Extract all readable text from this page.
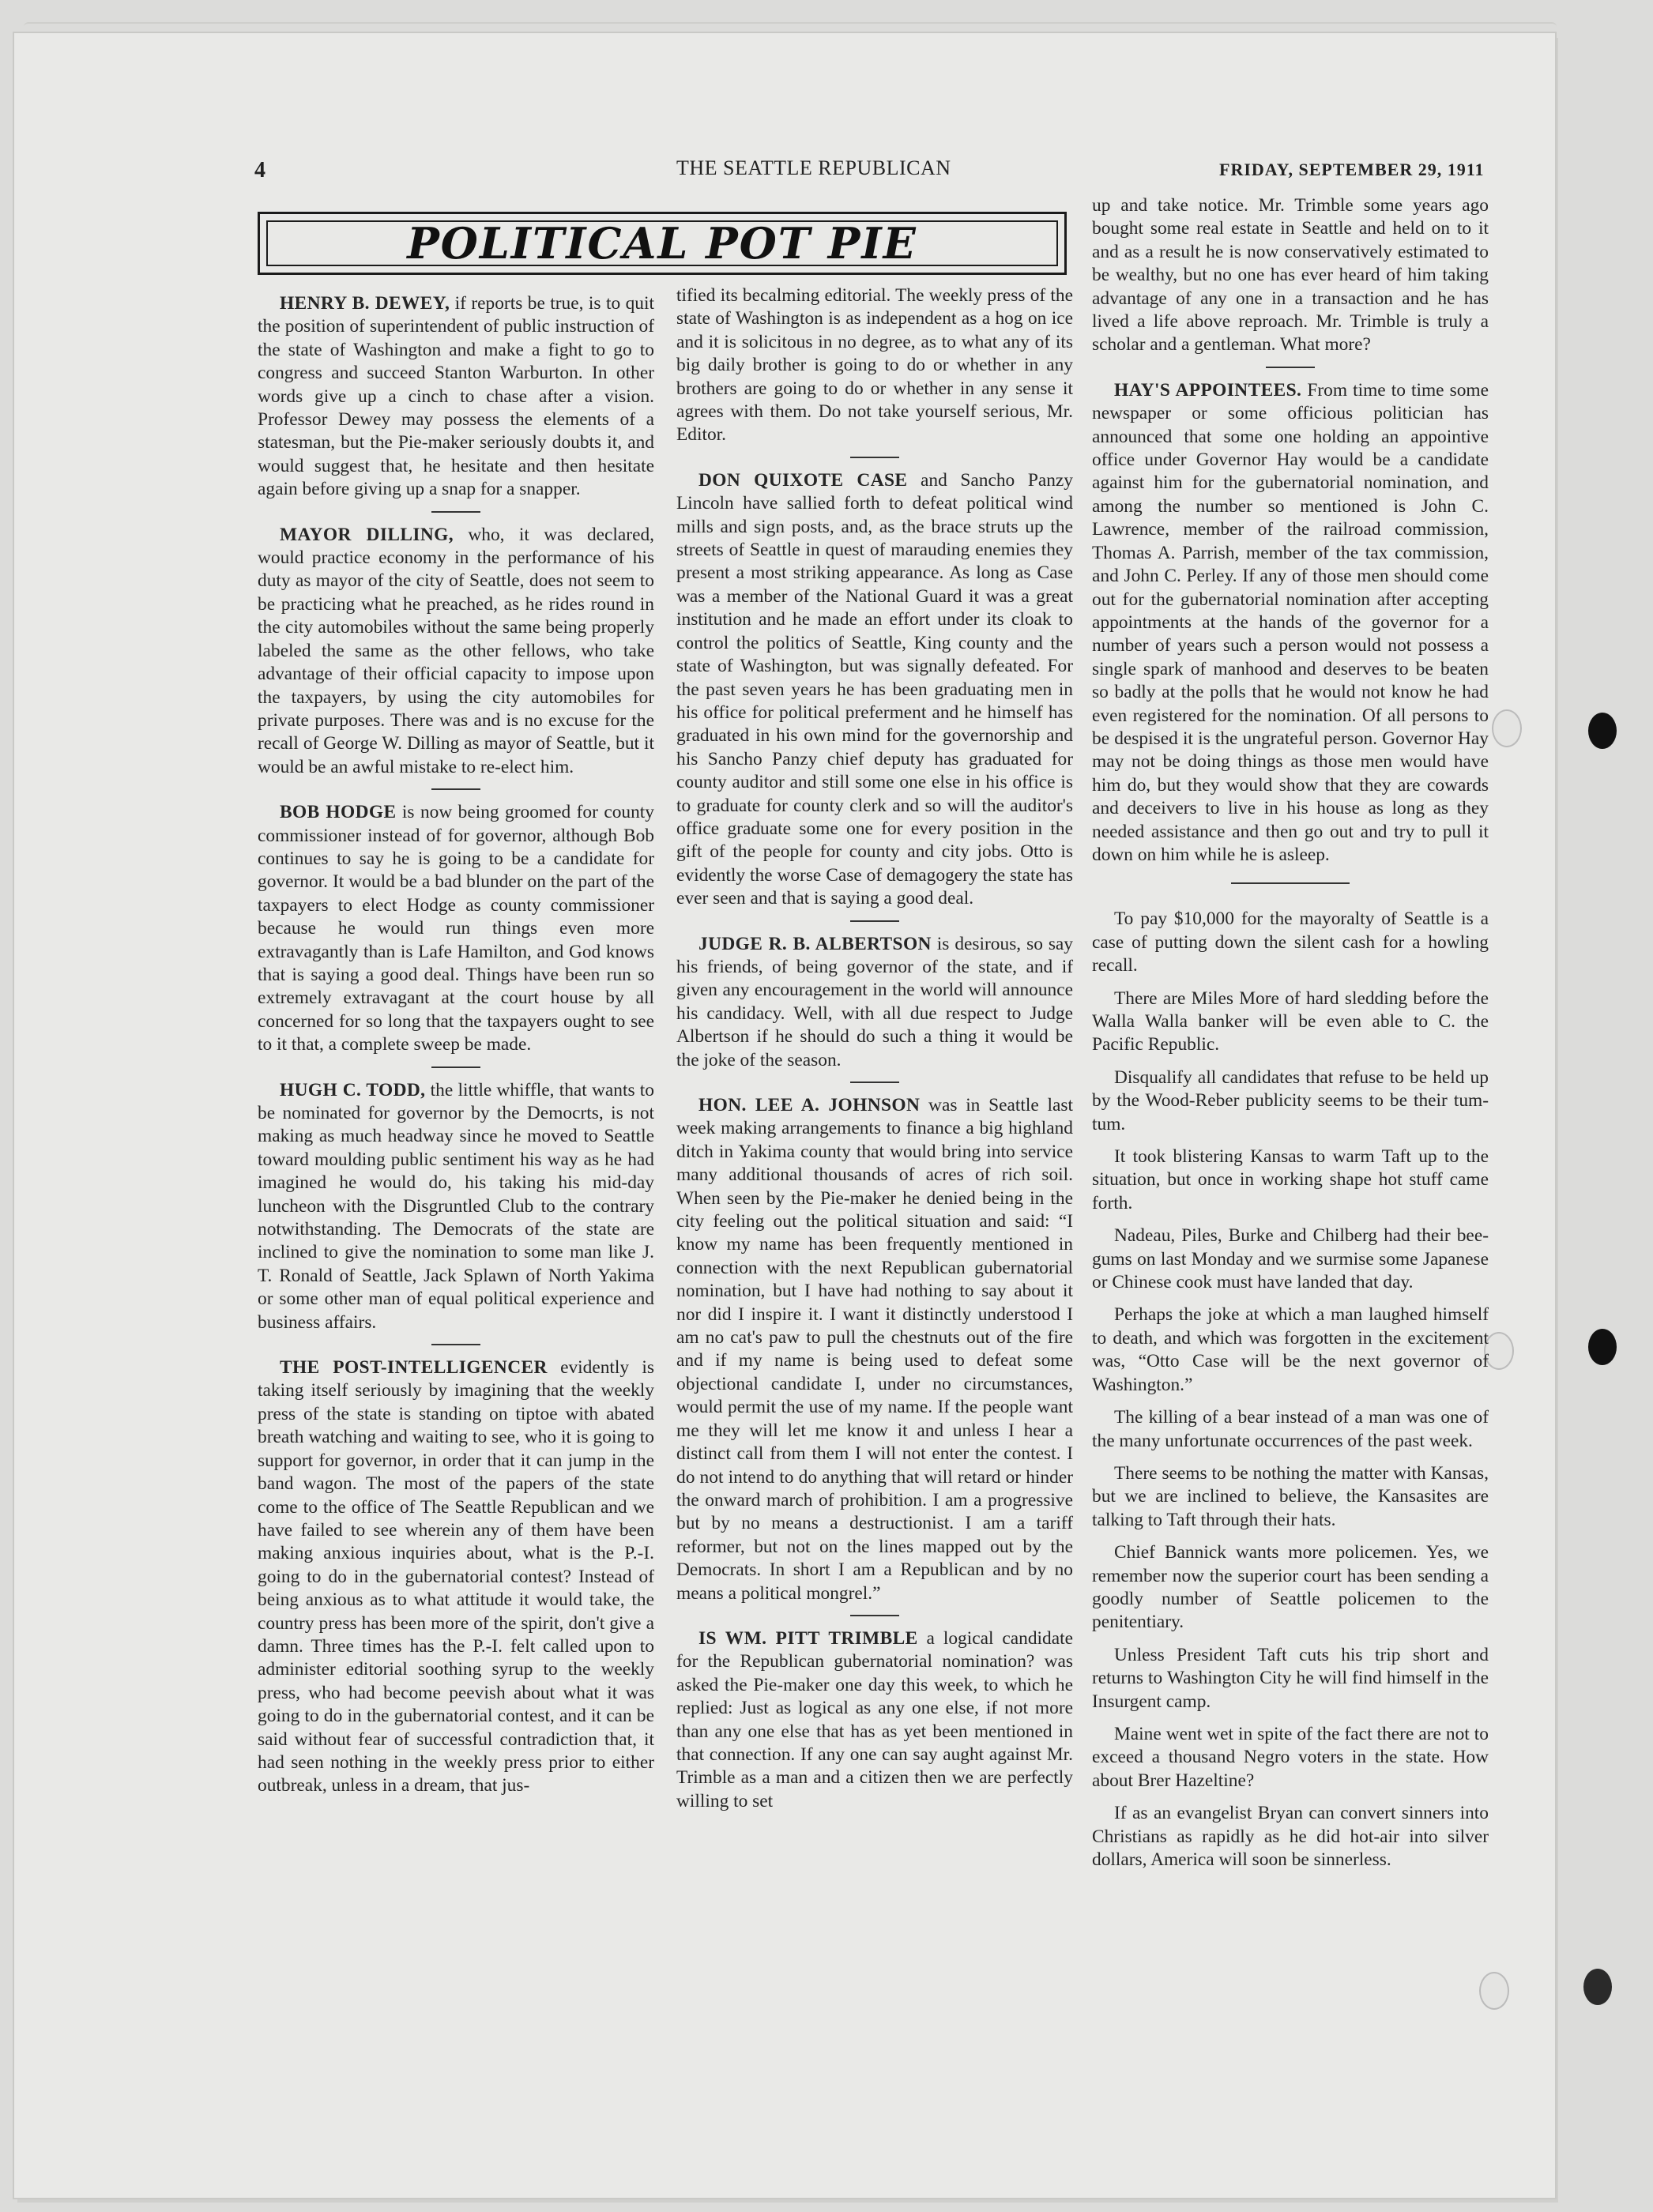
4	THE SEATTLE REPUBLICAN	FRIDAY, SEPTEMBER 29, 1911
POLITICAL POT PIE

HENRY B. DEWEY, if reports be true, is to quit the position of superintendent of public instruction of the state of Washington and make a fight to go to congress and succeed Stanton Warburton. In other words give up a cinch to chase after a vision. Professor Dewey may possess the elements of a statesman, but the Pie-maker seriously doubts it, and would suggest that, he hesitate and then hesitate again before giving up a snap for a snapper.

MAYOR DILLING, who, it was declared, would practice economy in the performance of his duty as mayor of the city of Seattle, does not seem to be practicing what he preached, as he rides round in the city automobiles without the same being properly labeled the same as the other fellows, who take advantage of their official capacity to impose upon the taxpayers, by using the city automobiles for private purposes. There was and is no excuse for the recall of George W. Dilling as mayor of Seattle, but it would be an awful mistake to re-elect him.

BOB HODGE is now being groomed for county commissioner instead of for governor, although Bob continues to say he is going to be a candidate for governor. It would be a bad blunder on the part of the taxpayers to elect Hodge as county commissioner because he would run things even more extravagantly than is Lafe Hamilton, and God knows that is saying a good deal. Things have been run so extremely extravagant at the court house by all concerned for so long that the taxpayers ought to see to it that, a complete sweep be made.

HUGH C. TODD, the little whiffle, that wants to be nominated for governor by the Democrts, is not making as much headway since he moved to Seattle toward moulding public sentiment his way as he had imagined he would do, his taking his mid-day luncheon with the Disgruntled Club to the contrary notwithstanding. The Democrats of the state are inclined to give the nomination to some man like J. T. Ronald of Seattle, Jack Splawn of North Yakima or some other man of equal political experience and business affairs.

THE POST-INTELLIGENCER evidently is taking itself seriously by imagining that the weekly press of the state is standing on tiptoe with abated breath watching and waiting to see, who it is going to support for governor, in order that it can jump in the band wagon. The most of the papers of the state come to the office of The Seattle Republican and we have failed to see wherein any of them have been making anxious inquiries about, what is the P.-I. going to do in the gubernatorial contest? Instead of being anxious as to what attitude it would take, the country press has been more of the spirit, don't give a damn. Three times has the P.-I. felt called upon to administer editorial soothing syrup to the weekly press, who had become peevish about what it was going to do in the gubernatorial contest, and it can be said without fear of successful contradiction that, it had seen nothing in the weekly press prior to either outbreak, unless in a dream, that jus-

tified its becalming editorial. The weekly press of the state of Washington is as independent as a hog on ice and it is solicitous in no degree, as to what any of its big daily brother is going to do or whether in any brothers are going to do or whether in any sense it agrees with them. Do not take yourself serious, Mr. Editor.

DON QUIXOTE CASE and Sancho Panzy Lincoln have sallied forth to defeat political wind mills and sign posts, and, as the brace struts up the streets of Seattle in quest of marauding enemies they present a most striking appearance. As long as Case was a member of the National Guard it was a great institution and he made an effort under its cloak to control the politics of Seattle, King county and the state of Washington, but was signally defeated. For the past seven years he has been graduating men in his office for political preferment and he himself has graduated in his own mind for the governorship and his Sancho Panzy chief deputy has graduated for county auditor and still some one else in his office is to graduate for county clerk and so will the auditor's office graduate some one for every position in the gift of the people for county and city jobs. Otto is evidently the worse Case of demagogery the state has ever seen and that is saying a good deal.

JUDGE R. B. ALBERTSON is desirous, so say his friends, of being governor of the state, and if given any encouragement in the world will announce his candidacy. Well, with all due respect to Judge Albertson if he should do such a thing it would be the joke of the season.

HON. LEE A. JOHNSON was in Seattle last week making arrangements to finance a big highland ditch in Yakima county that would bring into service many additional thousands of acres of rich soil. When seen by the Pie-maker he denied being in the city feeling out the political situation and said: “I know my name has been frequently mentioned in connection with the next Republican gubernatorial nomination, but I have had nothing to say about it nor did I inspire it. I want it distinctly understood I am no cat's paw to pull the chestnuts out of the fire and if my name is being used to defeat some objectional candidate I, under no circumstances, would permit the use of my name. If the people want me they will let me know it and unless I hear a distinct call from them I will not enter the contest. I do not intend to do anything that will retard or hinder the onward march of prohibition. I am a progressive but by no means a destructionist. I am a tariff reformer, but not on the lines mapped out by the Democrats. In short I am a Republican and by no means a political mongrel.”

IS WM. PITT TRIMBLE a logical candidate for the Republican gubernatorial nomination? was asked the Pie-maker one day this week, to which he replied: Just as logical as any one else, if not more than any one else that has as yet been mentioned in that connection. If any one can say aught against Mr. Trimble as a man and a citizen then we are perfectly willing to set

up and take notice. Mr. Trimble some years ago bought some real estate in Seattle and held on to it and as a result he is now conservatively estimated to be wealthy, but no one has ever heard of him taking advantage of any one in a transaction and he has lived a life above reproach. Mr. Trimble is truly a scholar and a gentleman. What more?

HAY'S APPOINTEES. From time to time some newspaper or some officious politician has announced that some one holding an appointive office under Governor Hay would be a candidate against him for the gubernatorial nomination, and among the number so mentioned is John C. Lawrence, member of the railroad commission, Thomas A. Parrish, member of the tax commission, and John C. Perley. If any of those men should come out for the gubernatorial nomination after accepting appointments at the hands of the governor for a number of years such a person would not possess a single spark of manhood and deserves to be beaten so badly at the polls that he would not know he had even registered for the nomination. Of all persons to be despised it is the ungrateful person. Governor Hay may not be doing things as those men would have him do, but they would show that they are cowards and deceivers to live in his house as long as they needed assistance and then go out and try to pull it down on him while he is asleep.

To pay $10,000 for the mayoralty of Seattle is a case of putting down the silent cash for a howling recall.

There are Miles More of hard sledding before the Walla Walla banker will be even able to C. the Pacific Republic.

Disqualify all candidates that refuse to be held up by the Wood-Reber publicity seems to be their tum-tum.

It took blistering Kansas to warm Taft up to the situation, but once in working shape hot stuff came forth.

Nadeau, Piles, Burke and Chilberg had their bee-gums on last Monday and we surmise some Japanese or Chinese cook must have landed that day.

Perhaps the joke at which a man laughed himself to death, and which was forgotten in the excitement was, “Otto Case will be the next governor of Washington.”

The killing of a bear instead of a man was one of the many unfortunate occurrences of the past week.

There seems to be nothing the matter with Kansas, but we are inclined to believe, the Kansasites are talking to Taft through their hats.

Chief Bannick wants more policemen. Yes, we remember now the superior court has been sending a goodly number of Seattle policemen to the penitentiary.

Unless President Taft cuts his trip short and returns to Washington City he will find himself in the Insurgent camp.

Maine went wet in spite of the fact there are not to exceed a thousand Negro voters in the state. How about Brer Hazeltine?

If as an evangelist Bryan can convert sinners into Christians as rapidly as he did hot-air into silver dollars, America will soon be sinnerless.
